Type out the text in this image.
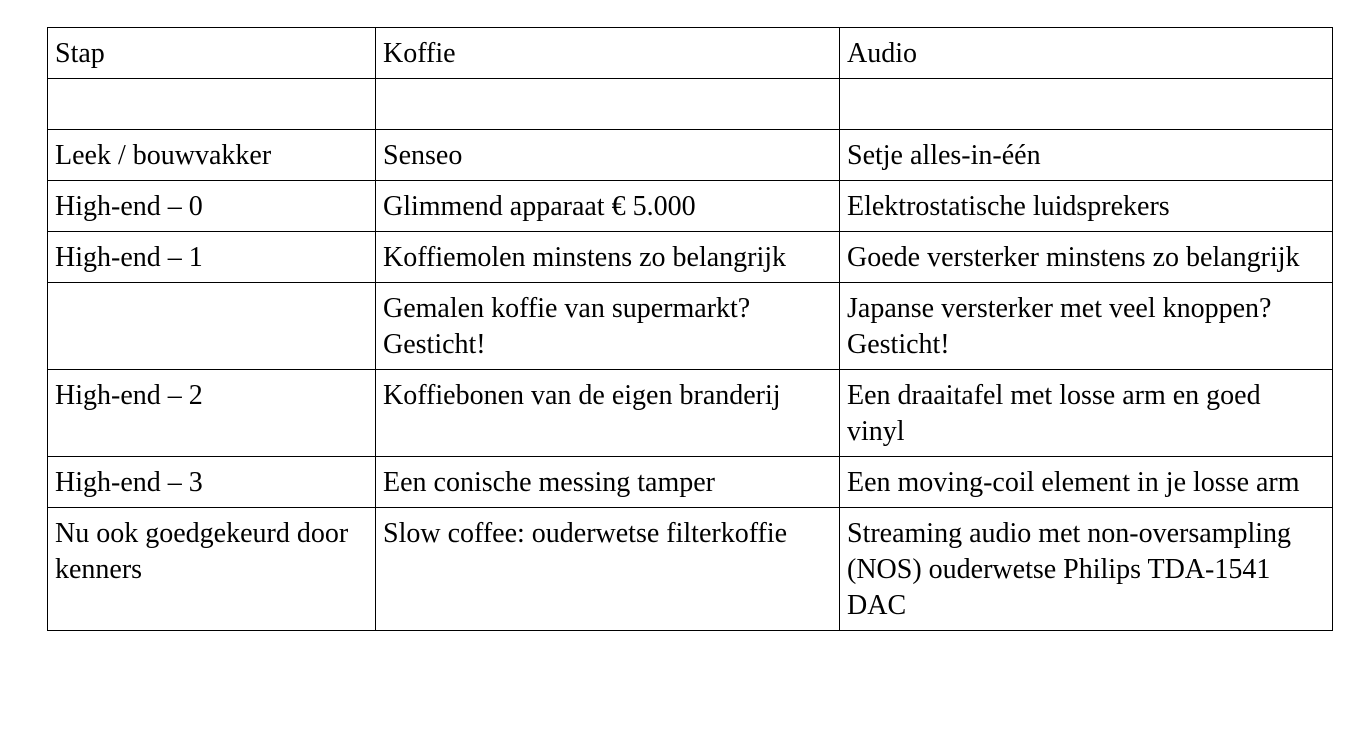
Stap	Koffie	Audio

Leek / bouwvakker	Senseo	Setje alles-in-één
High-end – 0	Glimmend apparaat € 5.000	Elektrostatische luidsprekers
High-end – 1	Koffiemolen minstens zo belangrijk	Goede versterker minstens zo belangrijk
	Gemalen koffie van supermarkt? Gesticht!	Japanse versterker met veel knoppen? Gesticht!
High-end – 2	Koffiebonen van de eigen branderij	Een draaitafel met losse arm en goed vinyl
High-end – 3	Een conische messing tamper	Een moving-coil element in je losse arm
Nu ook goedgekeurd door kenners	Slow coffee: ouderwetse filterkoffie	Streaming audio met non-oversampling (NOS) ouderwetse Philips TDA-1541 DAC
